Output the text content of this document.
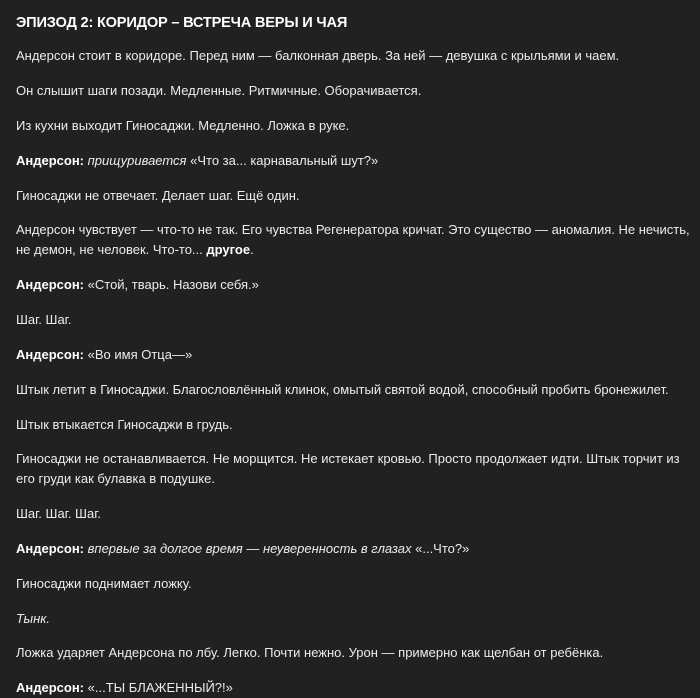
ЭПИЗОД 2: КОРИДОР – ВСТРЕЧА ВЕРЫ И ЧАЯ

Андерсон стоит в коридоре. Перед ним — балконная дверь. За ней — девушка с крыльями и чаем.

Он слышит шаги позади. Медленные. Ритмичные. Оборачивается.

Из кухни выходит Гиносаджи. Медленно. Ложка в руке.

Андерсон: прищуривается «Что за... карнавальный шут?»

Гиносаджи не отвечает. Делает шаг. Ещё один.

Андерсон чувствует — что-то не так. Его чувства Регенератора кричат. Это существо — аномалия. Не нечисть, не демон, не человек. Что-то... другое.

Андерсон: «Стой, тварь. Назови себя.»

Шаг. Шаг.

Андерсон: «Во имя Отца—»

Штык летит в Гиносаджи. Благословлённый клинок, омытый святой водой, способный пробить бронежилет.

Штык втыкается Гиносаджи в грудь.

Гиносаджи не останавливается. Не морщится. Не истекает кровью. Просто продолжает идти. Штык торчит из его груди как булавка в подушке.

Шаг. Шаг. Шаг.

Андерсон: впервые за долгое время — неуверенность в глазах «...Что?»

Гиносаджи поднимает ложку.

Тынк.

Ложка ударяет Андерсона по лбу. Легко. Почти нежно. Урон — примерно как щелбан от ребёнка.

Андерсон: «...ТЫ БЛАЖЕННЫЙ?!»
